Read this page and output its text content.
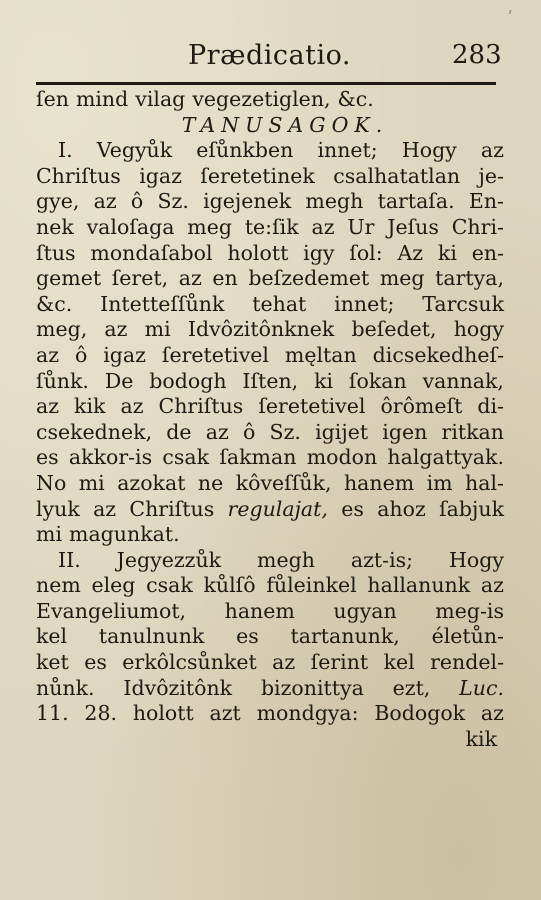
ʹ
Prædicatio.	283
ſen mind vilag vegezetiglen, &c.
TANUSAGOK.
I. Vegyůk eſůnkben innet; Hogy az
Chriſtus igaz ſeretetinek csalhatatlan je-
gye, az ô Sz. igejenek megh tartaſa. En-
nek valoſaga meg te:ſik az Ur Jeſus Chri-
ſtus mondaſabol holott igy ſol: Az ki en-
gemet ſeret, az en beſzedemet meg tartya,
&c. Intetteſſůnk tehat innet; Tarcsuk
meg, az mi Idvôzitônknek beſedet, hogy
az ô igaz ſeretetivel męltan dicsekedheſ-
ſůnk. De bodogh Iſten, ki ſokan vannak,
az kik az Chriſtus ſeretetivel ôrômeſt di-
csekednek, de az ô Sz. igijet igen ritkan
es akkor-is csak ſakman modon halgattyak.
No mi azokat ne kôveſſůk, hanem im hal-
lyuk az Chriſtus regulajat, es ahoz ſabjuk
mi magunkat.
II. Jegyezzůk megh azt-is; Hogy
nem eleg csak kůlſô fůleinkel hallanunk az
Evangeliumot, hanem ugyan meg-is
kel tanulnunk es tartanunk, életůn-
ket es erkôlcsůnket az ſerint kel rendel-
nůnk. Idvôzitônk bizonittya ezt, Luc.
11. 28. holott azt mondgya: Bodogok az
kik
